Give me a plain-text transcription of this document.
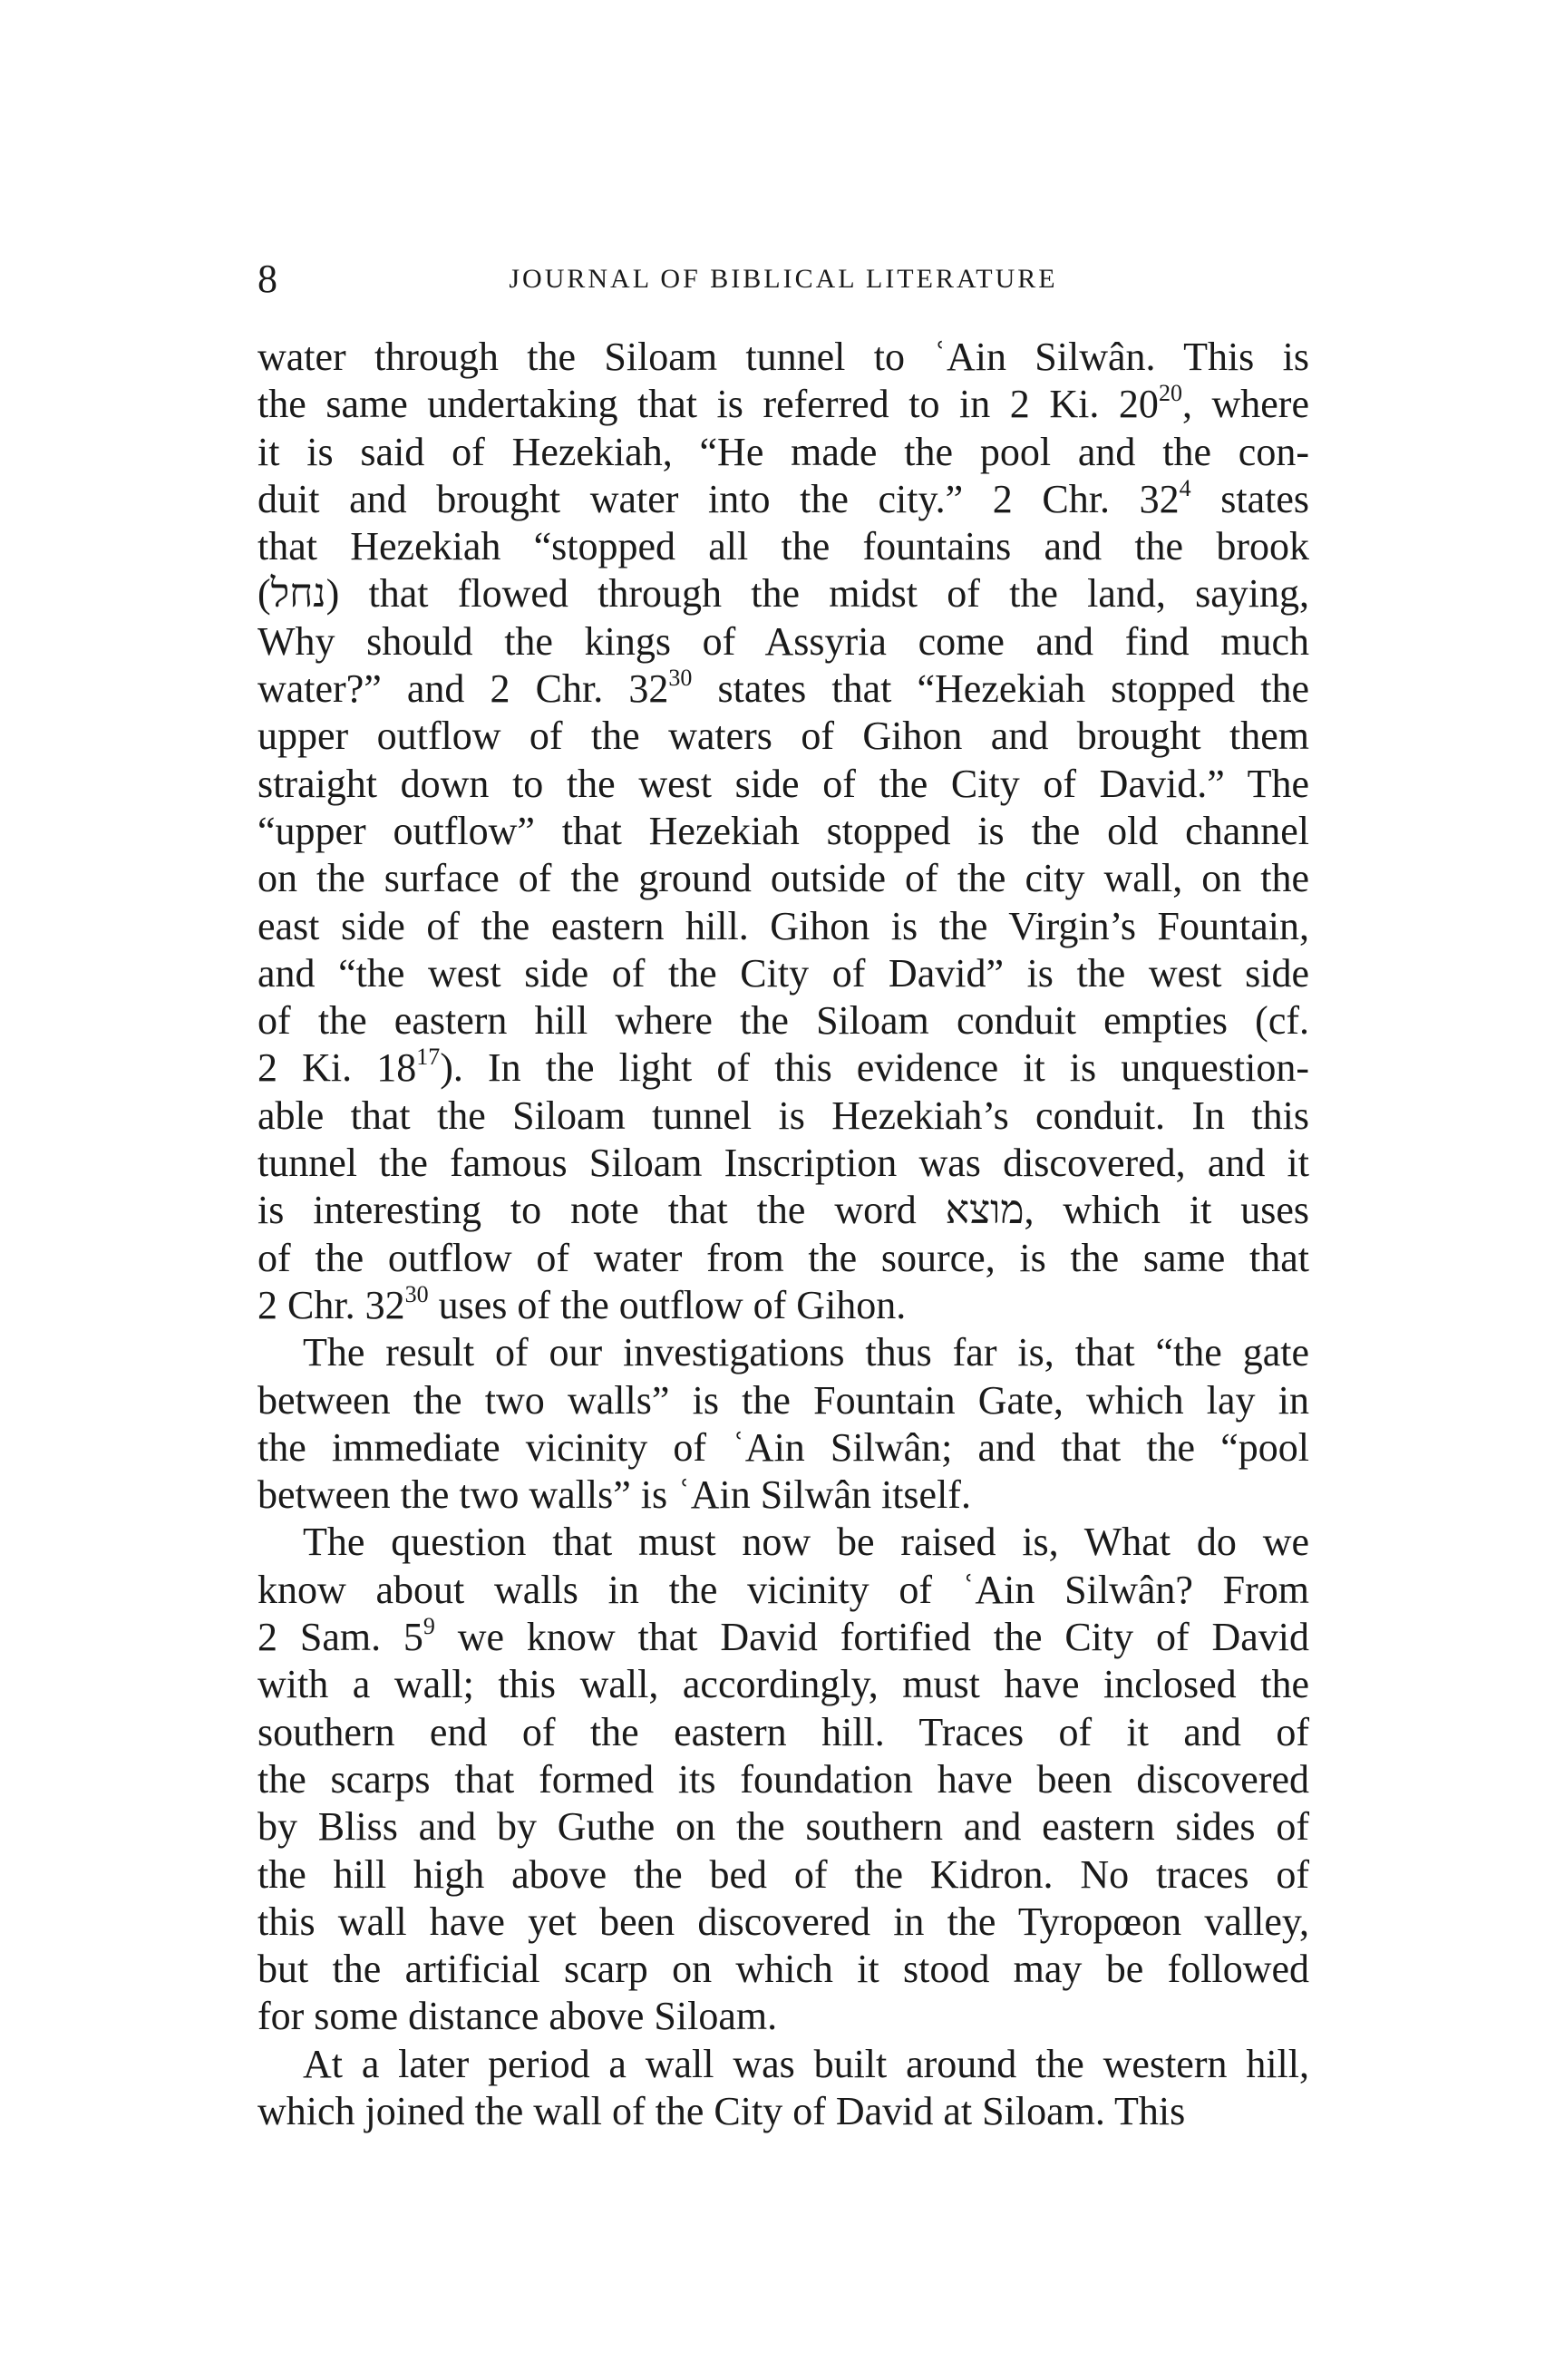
8	JOURNAL OF BIBLICAL LITERATURE
water through the Siloam tunnel to ʿAin Silwân. This is
the same undertaking that is referred to in 2 Ki. $20^{20}$, where
it is said of Hezekiah, “He made the pool and the con-
duit and brought water into the city.” 2 Chr. $32^4$ states
that Hezekiah “stopped all the fountains and the brook
(נחל) that flowed through the midst of the land, saying,
Why should the kings of Assyria come and find much
water?” and 2 Chr. $32^{30}$ states that “Hezekiah stopped the
upper outflow of the waters of Gihon and brought them
straight down to the west side of the City of David.” The
“upper outflow” that Hezekiah stopped is the old channel
on the surface of the ground outside of the city wall, on the
east side of the eastern hill. Gihon is the Virgin’s Fountain,
and “the west side of the City of David” is the west side
of the eastern hill where the Siloam conduit empties (cf.
2 Ki. $18^{17}$). In the light of this evidence it is unquestion-
able that the Siloam tunnel is Hezekiah’s conduit. In this
tunnel the famous Siloam Inscription was discovered, and it
is interesting to note that the word מוצא, which it uses
of the outflow of water from the source, is the same that
2 Chr. $32^{30}$ uses of the outflow of Gihon.
The result of our investigations thus far is, that “the gate
between the two walls” is the Fountain Gate, which lay in
the immediate vicinity of ʿAin Silwân; and that the “pool
between the two walls” is ʿAin Silwân itself.
The question that must now be raised is, What do we
know about walls in the vicinity of ʿAin Silwân? From
2 Sam. $5^9$ we know that David fortified the City of David
with a wall; this wall, accordingly, must have inclosed the
southern end of the eastern hill. Traces of it and of
the scarps that formed its foundation have been discovered
by Bliss and by Guthe on the southern and eastern sides of
the hill high above the bed of the Kidron. No traces of
this wall have yet been discovered in the Tyropœon valley,
but the artificial scarp on which it stood may be followed
for some distance above Siloam.
At a later period a wall was built around the western hill,
which joined the wall of the City of David at Siloam. This
